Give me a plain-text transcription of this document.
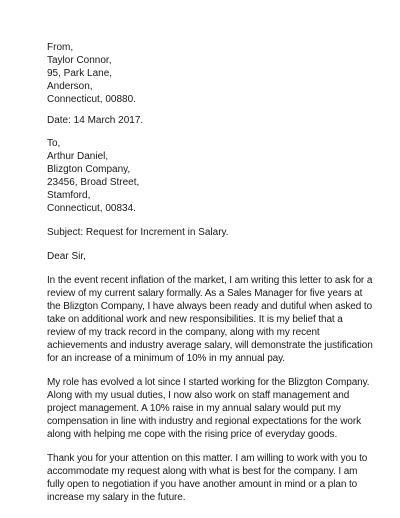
From,
Taylor Connor,
95, Park Lane,
Anderson,
Connecticut, 00880.
Date: 14 March 2017.
To,
Arthur Daniel,
Blizgton Company,
23456, Broad Street,
Stamford,
Connecticut, 00834.
Subject: Request for Increment in Salary.
Dear Sir,
In the event recent inflation of the market, I am writing this letter to ask for a
review of my current salary formally. As a Sales Manager for five years at
the Blizgton Company, I have always been ready and dutiful when asked to
take on additional work and new responsibilities. It is my belief that a
review of my track record in the company, along with my recent
achievements and industry average salary, will demonstrate the justification
for an increase of a minimum of 10% in my annual pay.
My role has evolved a lot since I started working for the Blizgton Company.
Along with my usual duties, I now also work on staff management and
project management. A 10% raise in my annual salary would put my
compensation in line with industry and regional expectations for the work
along with helping me cope with the rising price of everyday goods.
Thank you for your attention on this matter. I am willing to work with you to
accommodate my request along with what is best for the company. I am
fully open to negotiation if you have another amount in mind or a plan to
increase my salary in the future.
